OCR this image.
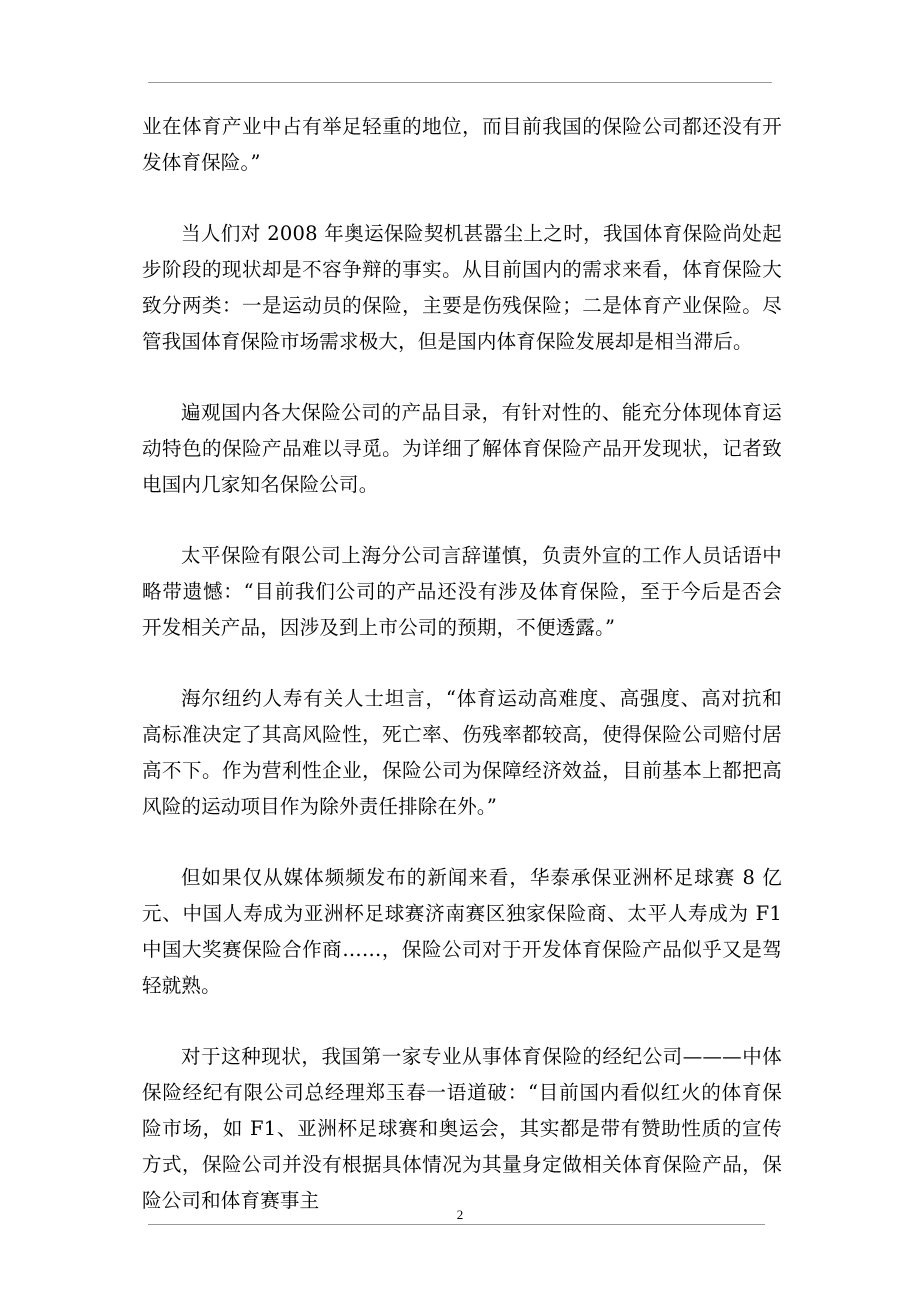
业在体育产业中占有举足轻重的地位，而目前我国的保险公司都还没有开发体育保险。”

当人们对 2008 年奥运保险契机甚嚣尘上之时，我国体育保险尚处起步阶段的现状却是不容争辩的事实。从目前国内的需求来看，体育保险大致分两类：一是运动员的保险，主要是伤残保险；二是体育产业保险。尽管我国体育保险市场需求极大，但是国内体育保险发展却是相当滞后。

遍观国内各大保险公司的产品目录，有针对性的、能充分体现体育运动特色的保险产品难以寻觅。为详细了解体育保险产品开发现状，记者致电国内几家知名保险公司。

太平保险有限公司上海分公司言辞谨慎，负责外宣的工作人员话语中略带遗憾：“目前我们公司的产品还没有涉及体育保险，至于今后是否会开发相关产品，因涉及到上市公司的预期，不便透露。”

海尔纽约人寿有关人士坦言，“体育运动高难度、高强度、高对抗和高标准决定了其高风险性，死亡率、伤残率都较高，使得保险公司赔付居高不下。作为营利性企业，保险公司为保障经济效益，目前基本上都把高风险的运动项目作为除外责任排除在外。”

但如果仅从媒体频频发布的新闻来看，华泰承保亚洲杯足球赛 8 亿元、中国人寿成为亚洲杯足球赛济南赛区独家保险商、太平人寿成为 F1 中国大奖赛保险合作商……，保险公司对于开发体育保险产品似乎又是驾轻就熟。

对于这种现状，我国第一家专业从事体育保险的经纪公司———中体保险经纪有限公司总经理郑玉春一语道破：“目前国内看似红火的体育保险市场，如 F1、亚洲杯足球赛和奥运会，其实都是带有赞助性质的宣传方式，保险公司并没有根据具体情况为其量身定做相关体育保险产品，保险公司和体育赛事主

2
